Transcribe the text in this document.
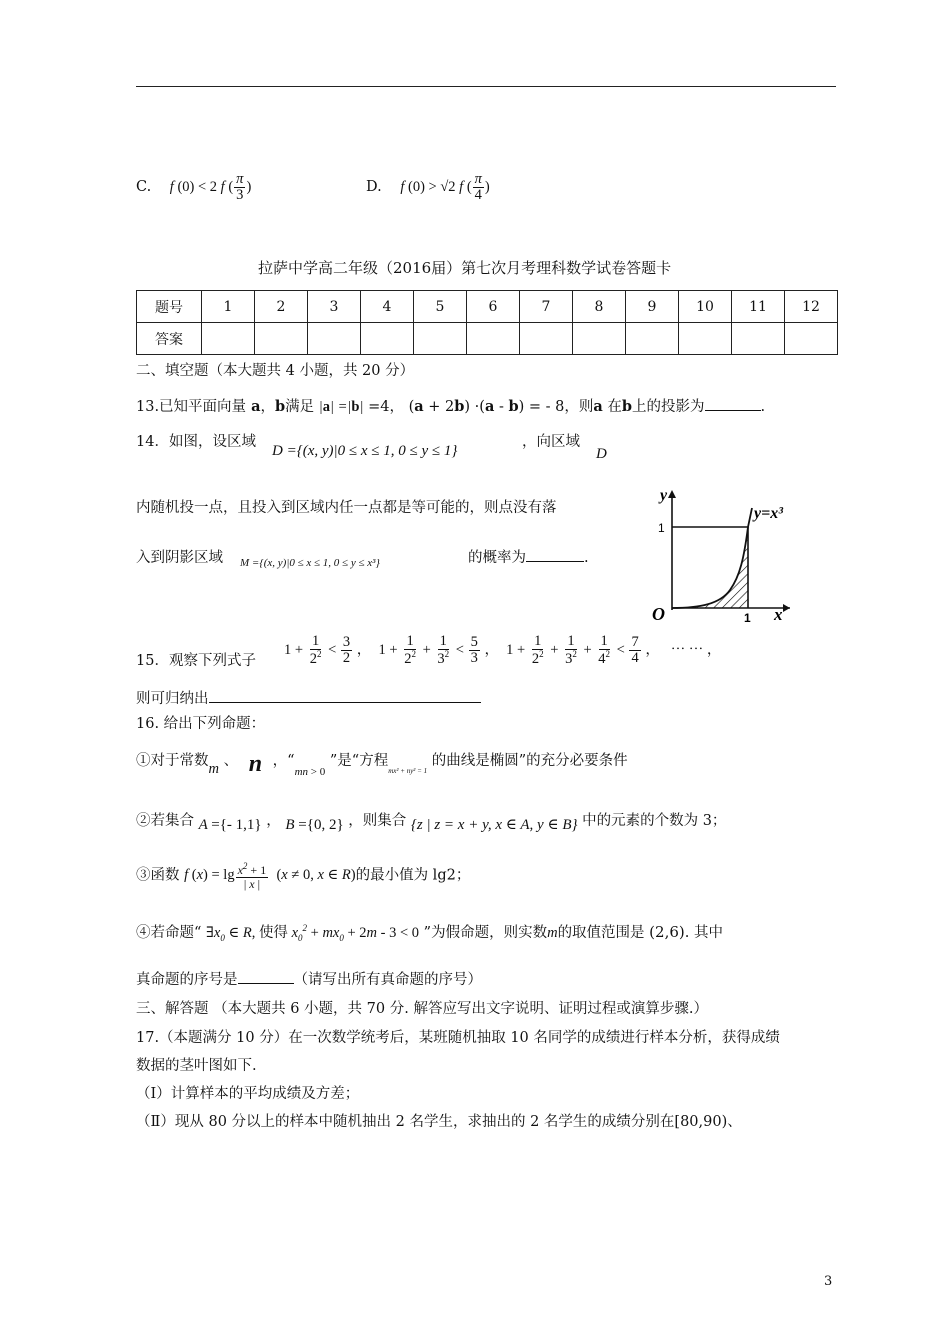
C. f (0) < 2 f ( $\frac{\pi}{3}$ )	D. f (0) > √2 f ( $\frac{\pi}{4}$ )
拉萨中学高二年级（2016届）第七次月考理科数学试卷答题卡
题号	1	2	3	4	5	6	7	8	9	10	11	12
答案												
二、填空题（本大题共 4 小题，共 20 分）
13.已知平面向量 a，b满足 |a| =|b| =4， (a + 2b) ·(a - b) = - 8，则a 在b上的投影为	.
14．如图，设区域
D ={(x, y)|0 ≤ x ≤ 1, 0 ≤ y ≤ 1}
，向区域
D
内随机投一点，且投入到区域内任一点都是等可能的，则点没有落
入到阴影区域 M ={(x, y)|0 ≤ x ≤ 1, 0 ≤ y ≤ x³}	的概率为	.
y=x³
1
1
O	x
y
15．观察下列式子
$1 + \frac{1}{2^2} < \frac{3}{2}$ ，  $1 + \frac{1}{2^2} + \frac{1}{3^2} < \frac{5}{3}$ ，  $1 + \frac{1}{2^2} + \frac{1}{3^2} + \frac{1}{4^2} < \frac{7}{4}$ ，   ⋯ ⋯ ，
则可归纳出
16. 给出下列命题：
①对于常数m 、 n ，“$_{mn > 0}$ ”是“方程$_{mx^2 + ny^2 = 1}$ 的曲线是椭圆”的充分必要条件
②若集合 A ={- 1,1} ， B ={0, 2} ，则集合 {z | z = x + y, x ∈ A, y ∈ B} 中的元素的个数为 3；
③函数 f $(x) = \lg \frac{x^2 + 1}{| x |} (x \ne 0$, x ∈ R)的最小值为 lg2；
④若命题“ $\exists x_0$ ∈ R, 使得 $x_0^2 + mx_0 + 2m - 3 < 0$ ”为假命题，则实数m的取值范围是 (2,6). 其中
真命题的序号是	（请写出所有真命题的序号）
三、解答题 （本大题共 6 小题，共 70 分. 解答应写出文字说明、证明过程或演算步骤.）
17.（本题满分 10 分）在一次数学统考后，某班随机抽取 10 名同学的成绩进行样本分析，获得成绩
数据的茎叶图如下.
（Ⅰ）计算样本的平均成绩及方差；
（Ⅱ）现从 80 分以上的样本中随机抽出 2 名学生，求抽出的 2 名学生的成绩分别在[80,90)、
3
